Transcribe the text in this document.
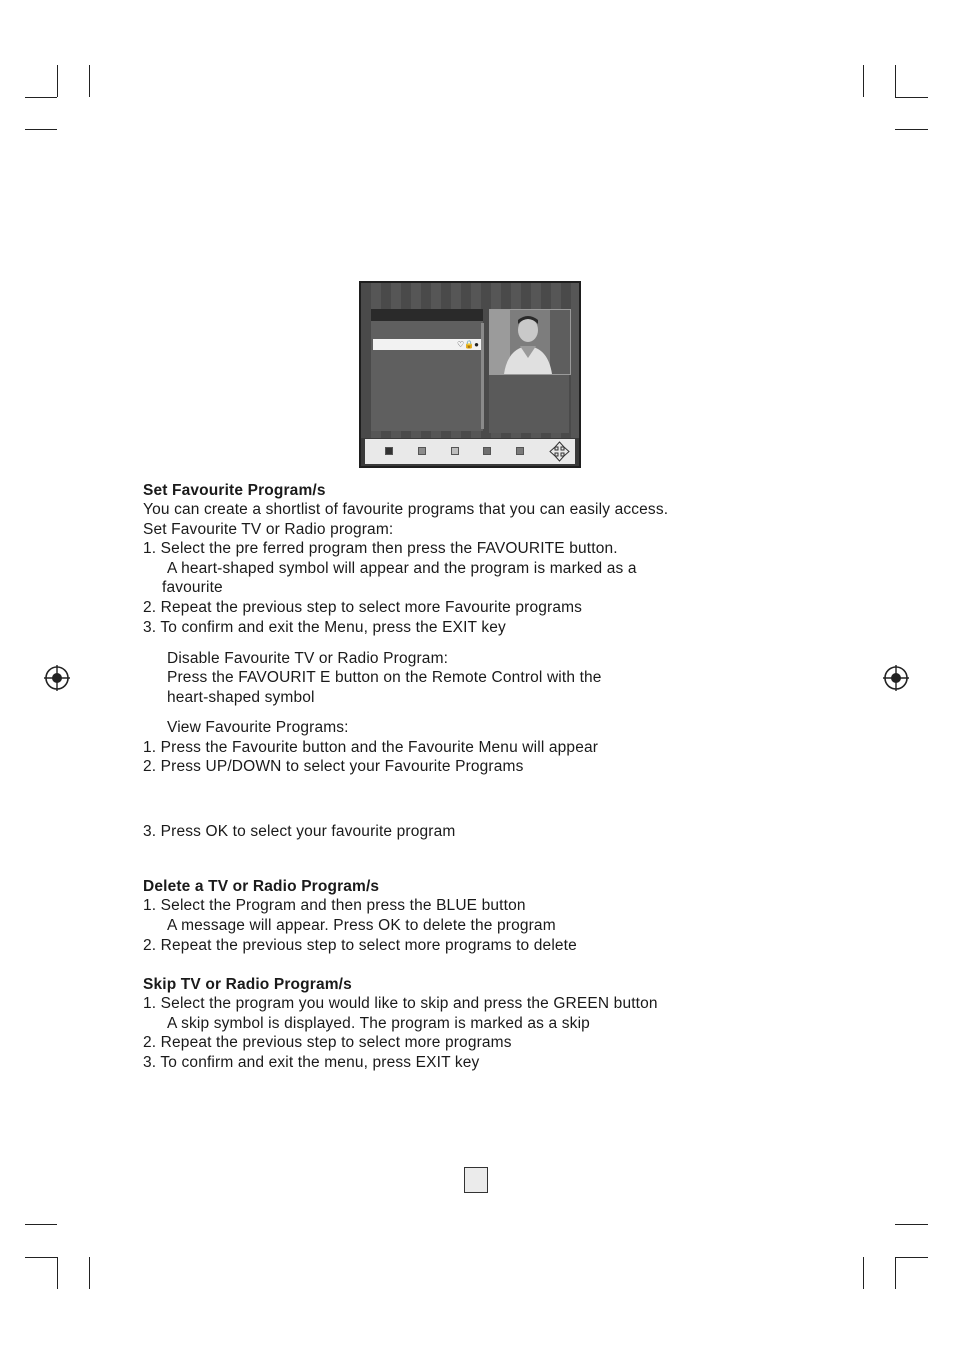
♡🔒●
Set Favourite Program/s
You can create a shortlist of favourite programs that you can easily access.
Set Favourite TV or Radio program:
1. Select the pre ferred program then press the FAVOURITE button.
A heart-shaped symbol will appear and the program is marked as a
favourite
2. Repeat the previous step to select more Favourite programs
3. To confirm and exit the Menu, press the EXIT key
Disable Favourite TV or Radio Program:
Press the FAVOURIT E button on the Remote Control with the
heart-shaped symbol
View Favourite Programs:
1. Press the Favourite button and the Favourite Menu will appear
2. Press UP/DOWN to select your Favourite Programs
3. Press OK to select your favourite program
Delete a TV or Radio Program/s
1. Select the Program and then press the BLUE button
A message will appear. Press OK to delete the program
2. Repeat the previous step to select more programs to delete
Skip TV or Radio Program/s
1. Select the program you would like to skip and press the GREEN button
A skip symbol is displayed. The program is marked as a skip
2. Repeat the previous step to select more programs
3. To confirm and exit the menu, press EXIT key
